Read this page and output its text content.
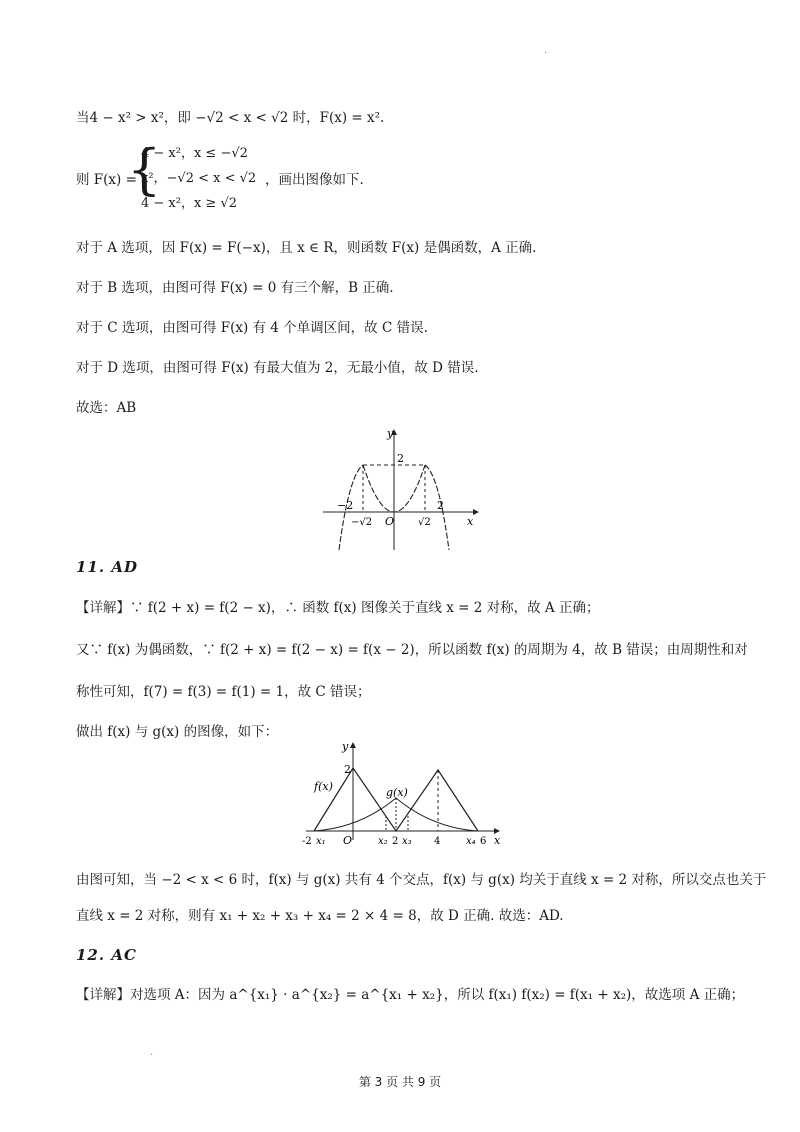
·
当4 − x² > x²，即 −√2 < x < √2 时，F(x) = x².
则 F(x) =
{
4 − x²，x ≤ −√2
x²，−√2 < x < √2
4 − x²，x ≥ √2
，画出图像如下.
对于 A 选项，因 F(x) = F(−x)，且 x ∈ R，则函数 F(x) 是偶函数，A 正确.
对于 B 选项，由图可得 F(x) = 0 有三个解，B 正确.
对于 C 选项，由图可得 F(x) 有 4 个单调区间，故 C 错误.
对于 D 选项，由图可得 F(x) 有最大值为 2，无最小值，故 D 错误.
故选：AB
y
x
2
−2	2
O
−√2	√2
11. AD
【详解】∵ f(2 + x) = f(2 − x)，∴ 函数 f(x) 图像关于直线 x = 2 对称，故 A 正确；
又∵ f(x) 为偶函数，∵ f(2 + x) = f(2 − x) = f(x − 2)，所以函数 f(x) 的周期为 4，故 B 错误；由周期性和对
称性可知，f(7) = f(3) = f(1) = 1，故 C 错误；
做出 f(x) 与 g(x) 的图像，如下：
y
x
2
f(x)	g(x)
O
-2 x₁	x₂ 2 x₃ 4	x₄ 6
由图可知，当 −2 < x < 6 时，f(x) 与 g(x) 共有 4 个交点，f(x) 与 g(x) 均关于直线 x = 2 对称，所以交点也关于
直线 x = 2 对称，则有 x₁ + x₂ + x₃ + x₄ = 2 × 4 = 8，故 D 正确. 故选：AD.
12. AC
【详解】对选项 A：因为 a^{x₁} · a^{x₂} = a^{x₁ + x₂}，所以 f(x₁) f(x₂) = f(x₁ + x₂)，故选项 A 正确；
·
第 3 页 共 9 页
